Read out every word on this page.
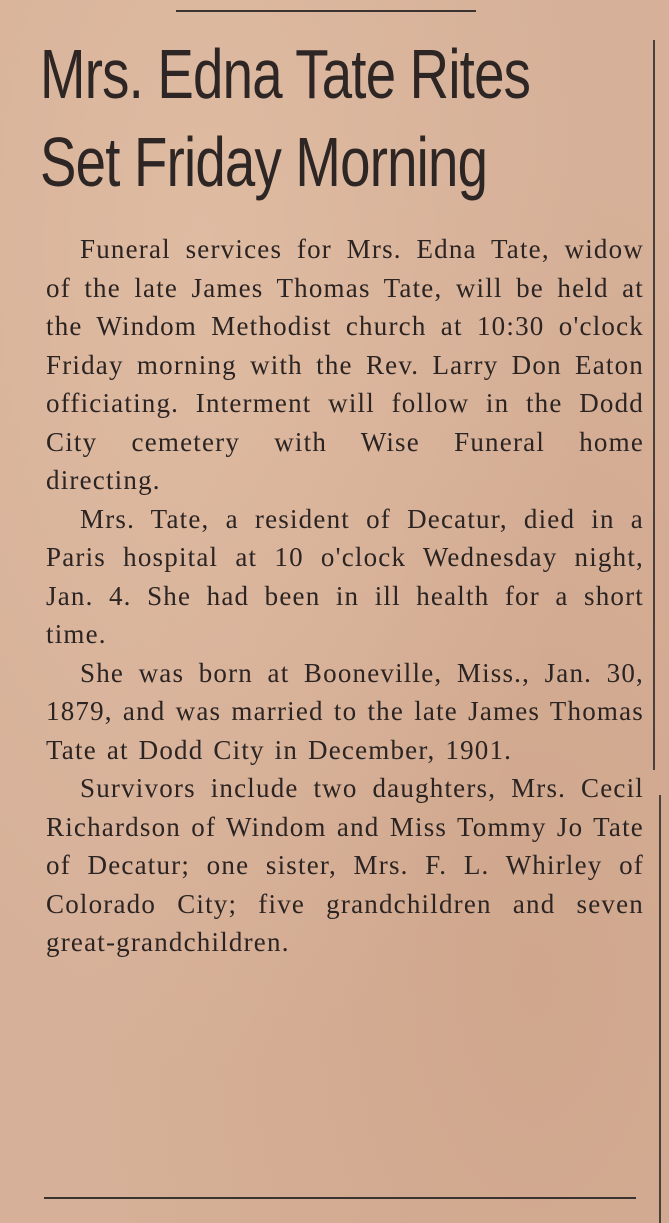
Mrs. Edna Tate Rites
Set Friday Morning

Funeral services for Mrs. Edna Tate, widow of the late James Thomas Tate, will be held at the Windom Methodist church at 10:30 o'clock Friday morning with the Rev. Larry Don Eaton officiating. Interment will follow in the Dodd City cemetery with Wise Funeral home directing.

Mrs. Tate, a resident of Decatur, died in a Paris hospital at 10 o'clock Wednesday night, Jan. 4. She had been in ill health for a short time.

She was born at Booneville, Miss., Jan. 30, 1879, and was married to the late James Thomas Tate at Dodd City in December, 1901.

Survivors include two daughters, Mrs. Cecil Richardson of Windom and Miss Tommy Jo Tate of Decatur; one sister, Mrs. F. L. Whirley of Colorado City; five grandchildren and seven great-grandchildren.
